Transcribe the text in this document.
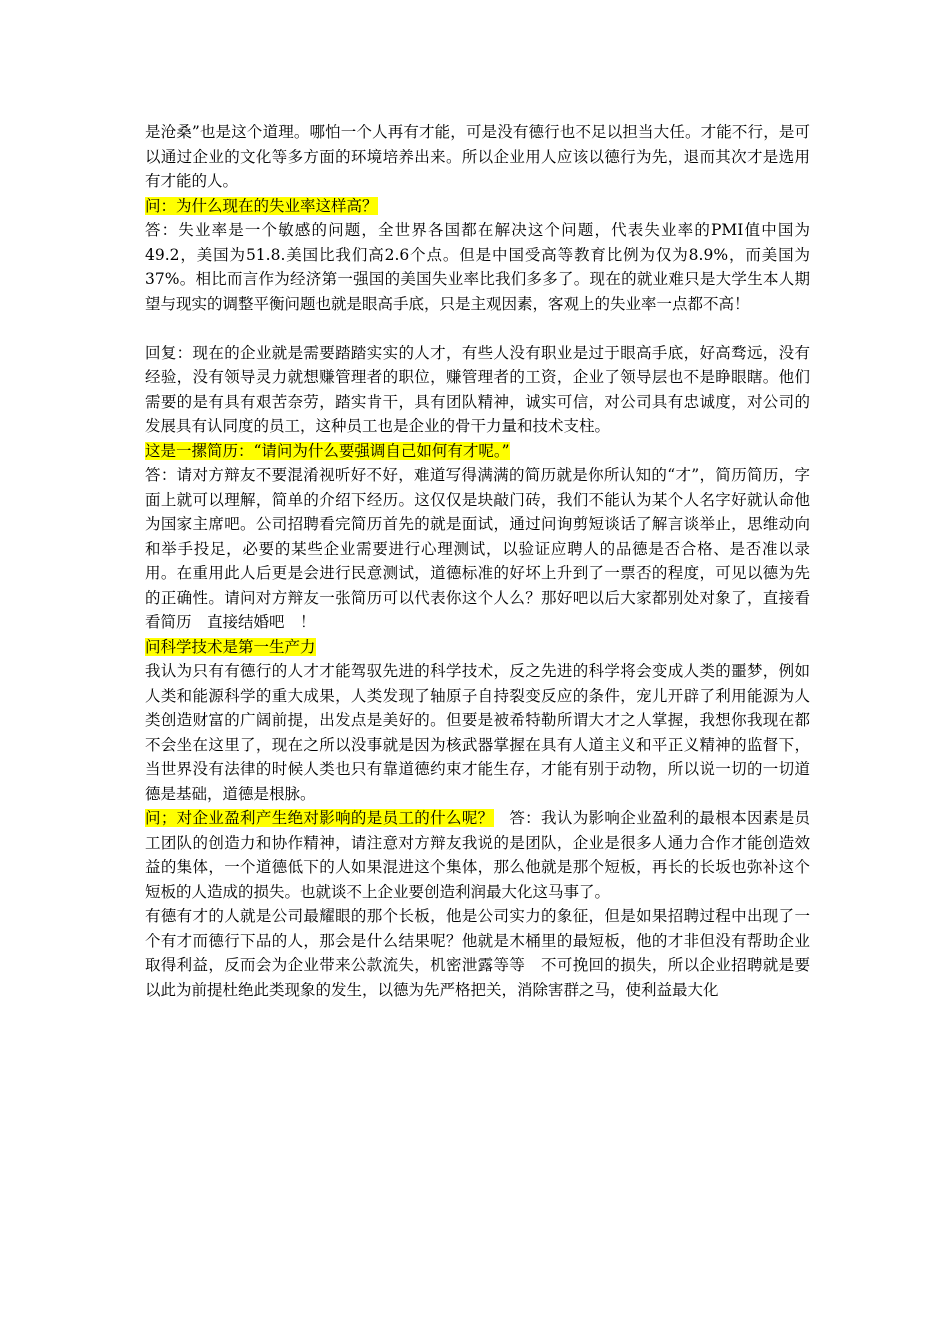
是沧桑”也是这个道理。哪怕一个人再有才能，可是没有德行也不足以担当大任。才能不行，是可以通过企业的文化等多方面的环境培养出来。所以企业用人应该以德行为先，退而其次才是选用有才能的人。

问：为什么现在的失业率这样高？

答：失业率是一个敏感的问题，全世界各国都在解决这个问题，代表失业率的PMI值中国为49.2，美国为51.8.美国比我们高2.6个点。但是中国受高等教育比例为仅为8.9%，而美国为37%。相比而言作为经济第一强国的美国失业率比我们多多了。现在的就业难只是大学生本人期望与现实的调整平衡问题也就是眼高手底，只是主观因素，客观上的失业率一点都不高！

回复：现在的企业就是需要踏踏实实的人才，有些人没有职业是过于眼高手底，好高骛远，没有经验，没有领导灵力就想赚管理者的职位，赚管理者的工资，企业了领导层也不是睁眼瞎。他们需要的是有具有艰苦奈劳，踏实肯干，具有团队精神，诚实可信，对公司具有忠诚度，对公司的发展具有认同度的员工，这种员工也是企业的骨干力量和技术支柱。

这是一摞简历：“请问为什么要强调自己如何有才呢。”

答：请对方辩友不要混淆视听好不好，难道写得满满的简历就是你所认知的“才”，简历简历，字面上就可以理解，简单的介绍下经历。这仅仅是块敲门砖，我们不能认为某个人名字好就认命他为国家主席吧。公司招聘看完简历首先的就是面试，通过问询剪短谈话了解言谈举止，思维动向和举手投足，必要的某些企业需要进行心理测试，以验证应聘人的品德是否合格、是否准以录用。在重用此人后更是会进行民意测试，道德标准的好坏上升到了一票否的程度，可见以德为先的正确性。请问对方辩友一张简历可以代表你这个人么？那好吧以后大家都别处对象了，直接看看简历　直接结婚吧　！

问科学技术是第一生产力

我认为只有有德行的人才才能驾驭先进的科学技术，反之先进的科学将会变成人类的噩梦，例如人类和能源科学的重大成果，人类发现了轴原子自持裂变反应的条件，宠儿开辟了利用能源为人类创造财富的广阔前提，出发点是美好的。但要是被希特勒所谓大才之人掌握，我想你我现在都不会坐在这里了，现在之所以没事就是因为核武器掌握在具有人道主义和平正义精神的监督下，当世界没有法律的时候人类也只有靠道德约束才能生存，才能有别于动物，所以说一切的一切道德是基础，道德是根脉。

问；对企业盈利产生绝对影响的是员工的什么呢？　答：我认为影响企业盈利的最根本因素是员工团队的创造力和协作精神，请注意对方辩友我说的是团队，企业是很多人通力合作才能创造效益的集体，一个道德低下的人如果混进这个集体，那么他就是那个短板，再长的长坂也弥补这个短板的人造成的损失。也就谈不上企业要创造利润最大化这马事了。

有德有才的人就是公司最耀眼的那个长板，他是公司实力的象征，但是如果招聘过程中出现了一个有才而德行下品的人，那会是什么结果呢？他就是木桶里的最短板，他的才非但没有帮助企业取得利益，反而会为企业带来公款流失，机密泄露等等　不可挽回的损失，所以企业招聘就是要以此为前提杜绝此类现象的发生，以德为先严格把关，消除害群之马，使利益最大化
